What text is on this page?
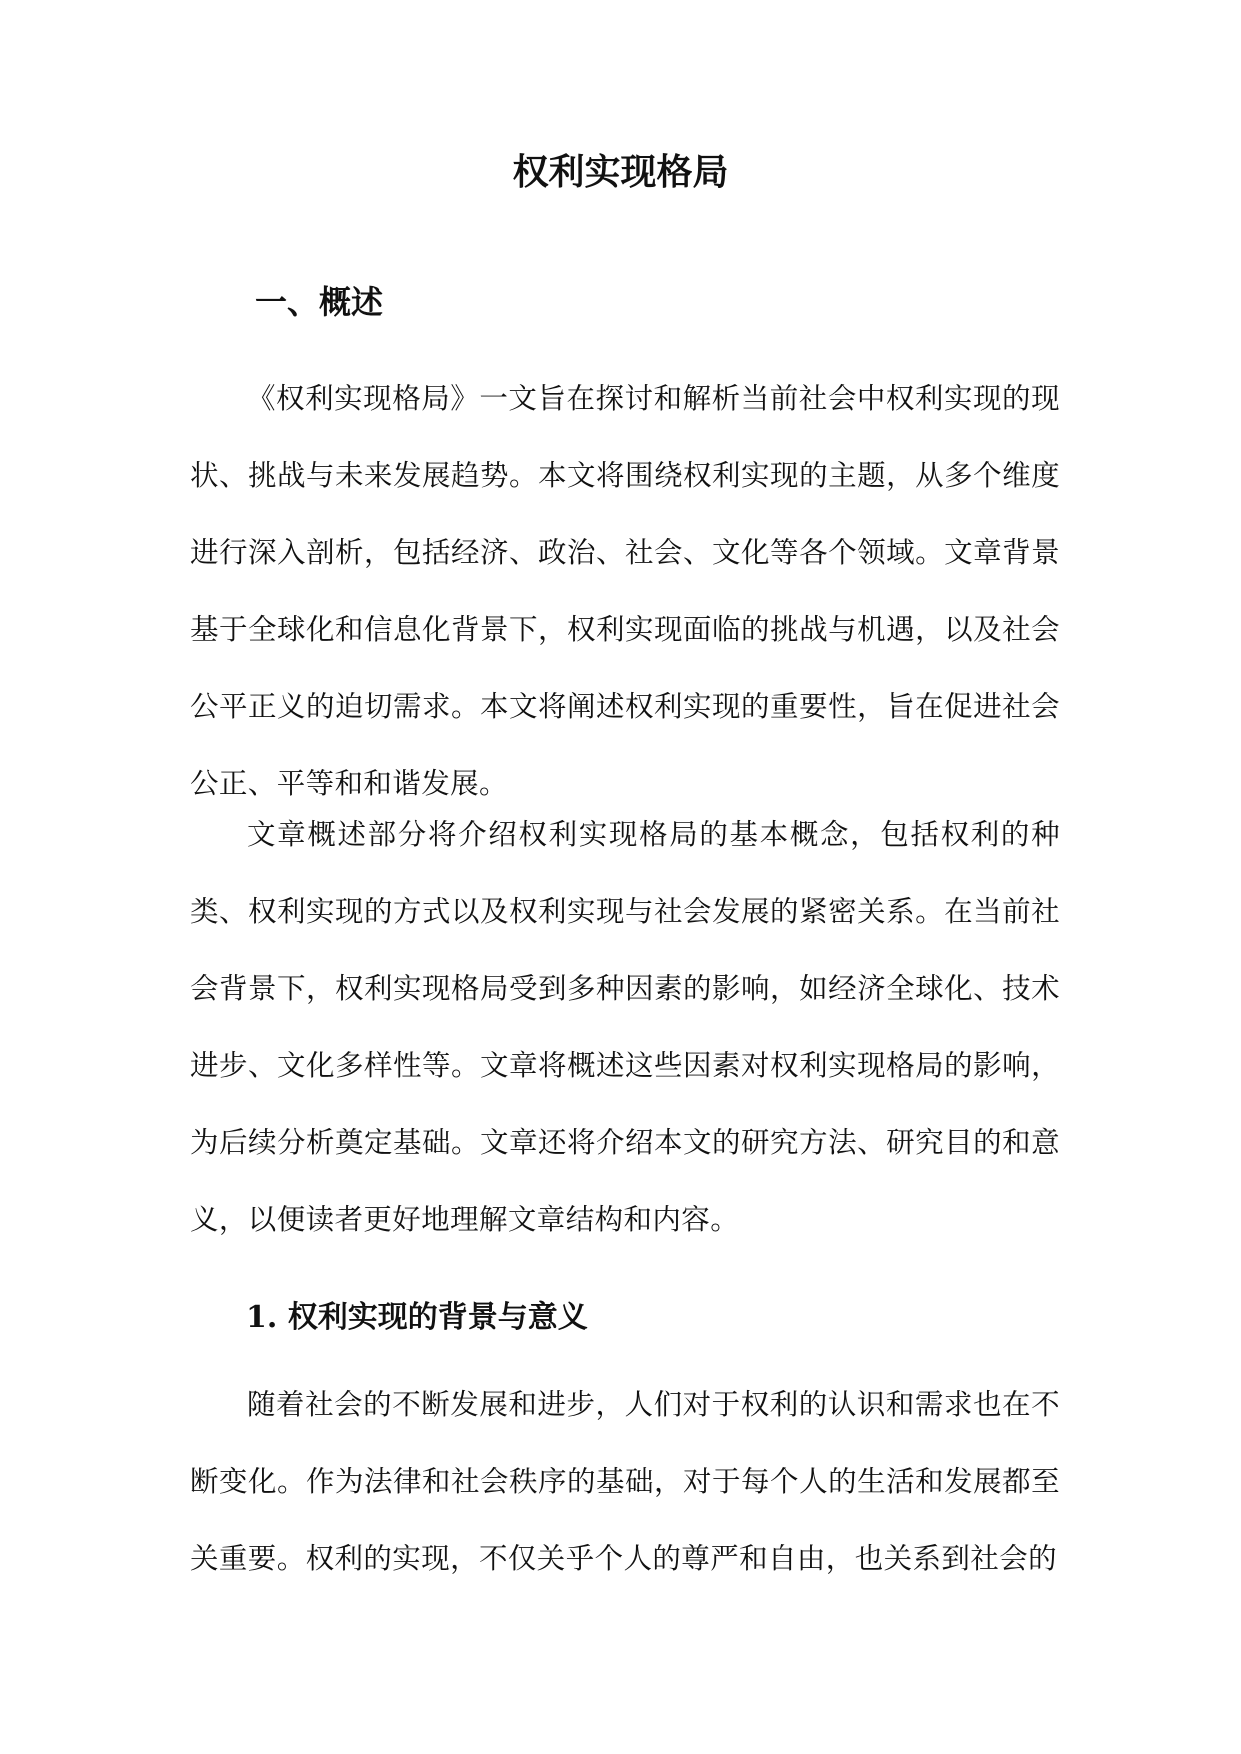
权利实现格局
一、概述

《权利实现格局》一文旨在探讨和解析当前社会中权利实现的现状、挑战与未来发展趋势。本文将围绕权利实现的主题，从多个维度进行深入剖析，包括经济、政治、社会、文化等各个领域。文章背景基于全球化和信息化背景下，权利实现面临的挑战与机遇，以及社会公平正义的迫切需求。本文将阐述权利实现的重要性，旨在促进社会公正、平等和和谐发展。

文章概述部分将介绍权利实现格局的基本概念，包括权利的种类、权利实现的方式以及权利实现与社会发展的紧密关系。在当前社会背景下，权利实现格局受到多种因素的影响，如经济全球化、技术进步、文化多样性等。文章将概述这些因素对权利实现格局的影响，为后续分析奠定基础。文章还将介绍本文的研究方法、研究目的和意义，以便读者更好地理解文章结构和内容。

1. 权利实现的背景与意义

随着社会的不断发展和进步，人们对于权利的认识和需求也在不断变化。作为法律和社会秩序的基础，对于每个人的生活和发展都至关重要。权利的实现，不仅关乎个人的尊严和自由，也关系到社会的
